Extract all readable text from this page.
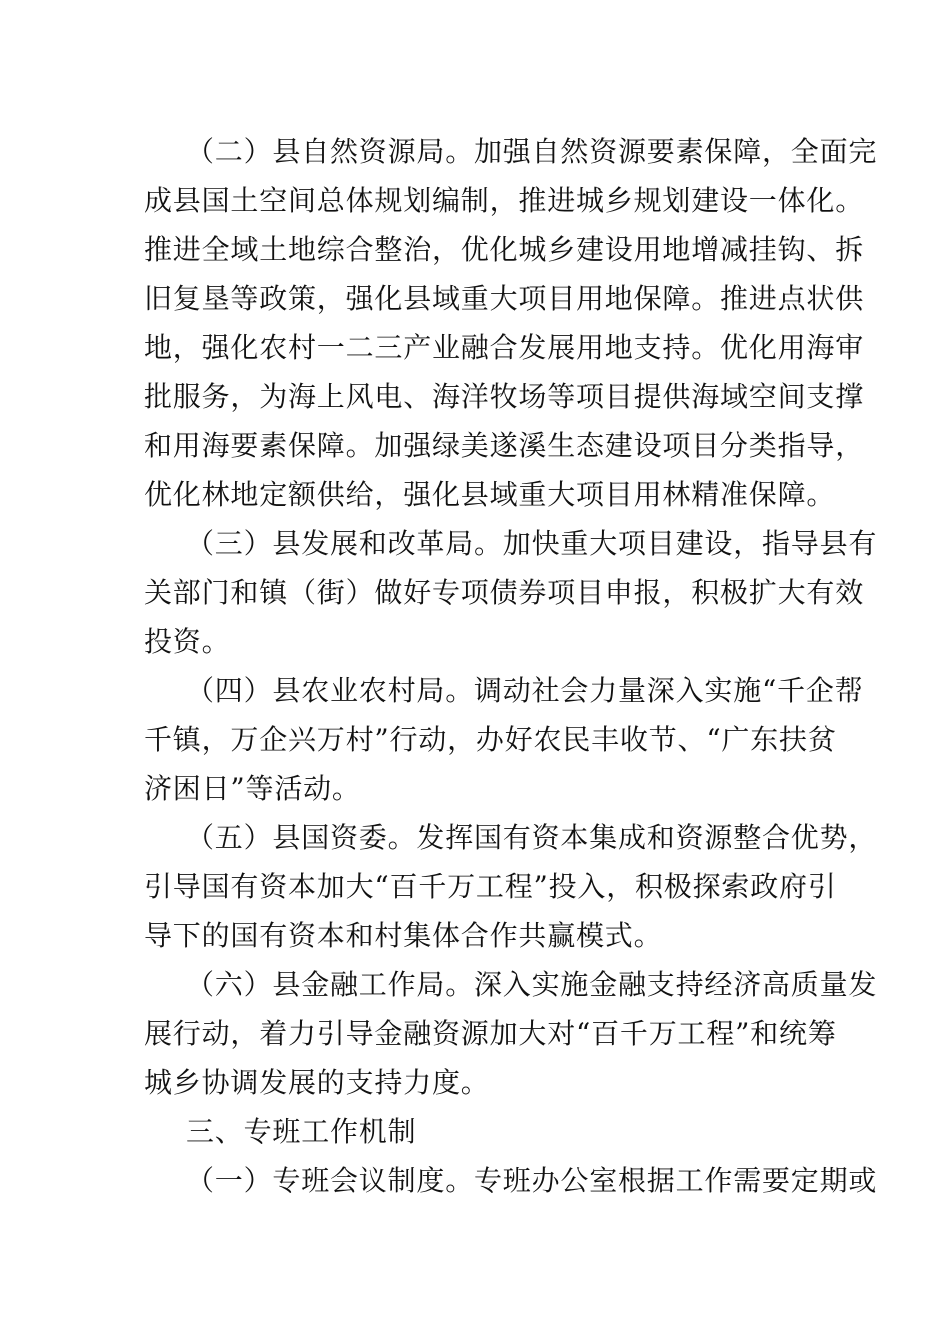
（二）县自然资源局。加强自然资源要素保障，全面完
成县国土空间总体规划编制，推进城乡规划建设一体化。
推进全域土地综合整治，优化城乡建设用地增减挂钩、拆
旧复垦等政策，强化县域重大项目用地保障。推进点状供
地，强化农村一二三产业融合发展用地支持。优化用海审
批服务，为海上风电、海洋牧场等项目提供海域空间支撑
和用海要素保障。加强绿美遂溪生态建设项目分类指导，
优化林地定额供给，强化县域重大项目用林精准保障。
（三）县发展和改革局。加快重大项目建设，指导县有
关部门和镇（街）做好专项债券项目申报，积极扩大有效
投资。
（四）县农业农村局。调动社会力量深入实施“千企帮
千镇，万企兴万村”行动，办好农民丰收节、“广东扶贫
济困日”等活动。
（五）县国资委。发挥国有资本集成和资源整合优势，
引导国有资本加大“百千万工程”投入，积极探索政府引
导下的国有资本和村集体合作共赢模式。
（六）县金融工作局。深入实施金融支持经济高质量发
展行动，着力引导金融资源加大对“百千万工程”和统筹
城乡协调发展的支持力度。
三、专班工作机制
（一）专班会议制度。专班办公室根据工作需要定期或
